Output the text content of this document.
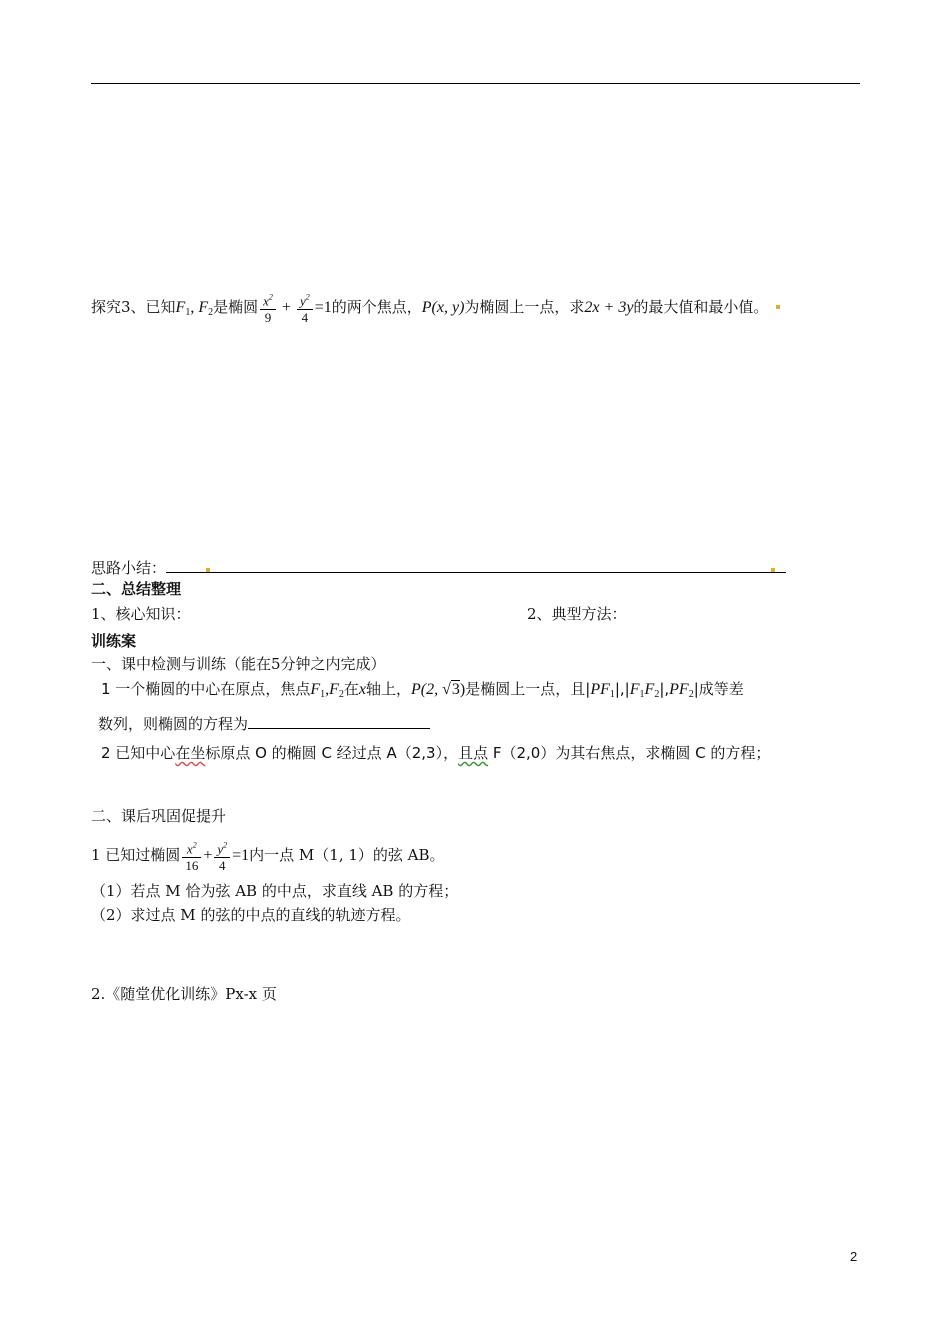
探究3、已知$F_1$, $F_2$是椭圆 $\frac{x^2}{9} + \frac{y^2}{4} =1$的两个焦点，P(x, y)为椭圆上一点，求2x + 3y的最大值和最小值。
思路小结：
二、总结整理
1、核心知识：	2、典型方法：
训练案
一、课中检测与训练（能在5分钟之内完成）
1 一个椭圆的中心在原点，焦点$F_1,F_2$在x轴上，P(2, √3)是椭圆上一点，且$|PF_1|,|F_1F_2|,PF_2|$成等差
数列，则椭圆的方程为
2 已知中心在坐标原点 O 的椭圆 C 经过点 A（2,3），且点 F（2,0）为其右焦点，求椭圆 C 的方程；
二、课后巩固促提升
1 已知过椭圆 $\frac{x^2}{16} + \frac{y^2}{4} =1$内一点 M（1, 1）的弦 AB。
（1）若点 M 恰为弦 AB 的中点，求直线 AB 的方程；
（2）求过点 M 的弦的中点的直线的轨迹方程。
2.《随堂优化训练》Px-x 页
2
